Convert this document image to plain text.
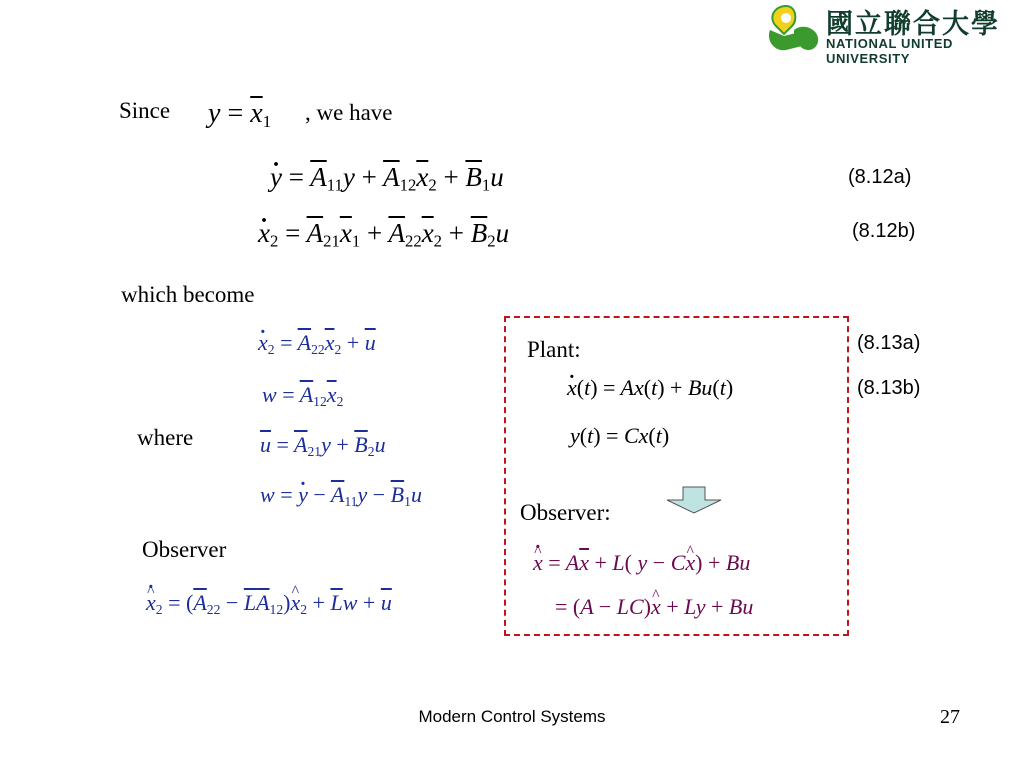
國立聯合大學
NATIONAL UNITED UNIVERSITY
Since $y = \overline{x}_1$ , we have
. $y = \overline{A}_{11}y + \overline{A}_{12}\overline{x}_2 + \overline{B}_1u$	(8.12a)
. $x_2 = \overline{A}_{21}\overline{x}_1 + \overline{A}_{22}\overline{x}_2 + \overline{B}_2u$	(8.12b)
which become
. $x_2 = \overline{A}_{22}\overline{x}_2 + \overline{u}$
$w = \overline{A}_{12}\overline{x}_2$
where	$\overline{u} = \overline{A}_{21}y + \overline{B}_2u$
w = . $y - \overline{A}_{11}y - \overline{B}_1u$
Observer
. x $\^{}_2 = (\overline{A}_{22} - \overline{L}\overline{A}_{12})x$ $\^{}_2 + \overline{L}w + \overline{u}$
Plant:	(8.13a)
. x(t) = Ax(t) + Bu(t)	(8.13b)
y(t) = Cx(t)
Observer:
. x ^ = $A\overline{x} + L$( y − Cx ^) + Bu
= (A − LC)x ^ + Ly + Bu
Modern Control Systems	27
